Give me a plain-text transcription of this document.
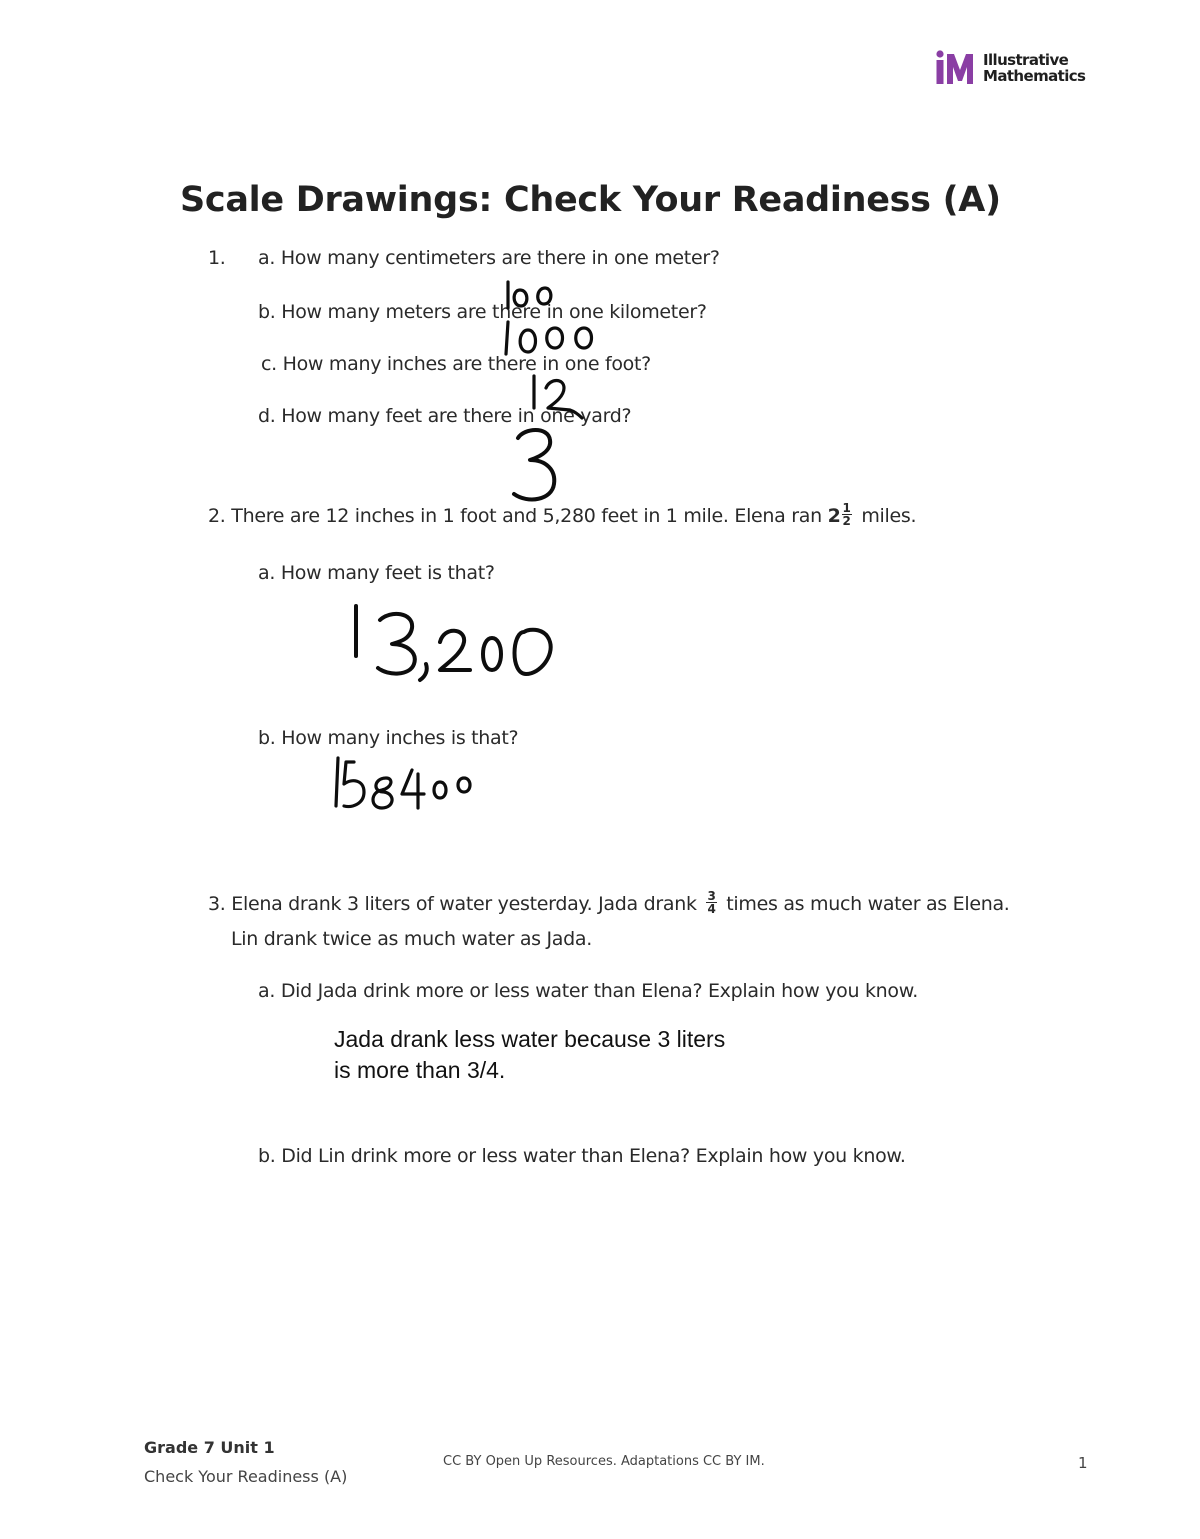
Illustrative
Mathematics
Scale Drawings: Check Your Readiness (A)
1. a. How many centimeters are there in one meter?
b. How many meters are there in one kilometer?
c. How many inches are there in one foot?
d. How many feet are there in one yard?
2. There are 12 inches in 1 foot and 5,280 feet in 1 mile. Elena ran $2 \frac{1}{2}$ miles.
a. How many feet is that?
b. How many inches is that?
3. Elena drank 3 liters of water yesterday. Jada drank $\frac{3}{4}$ times as much water as Elena.
Lin drank twice as much water as Jada.
a. Did Jada drink more or less water than Elena? Explain how you know.
Jada drank less water because 3 liters
is more than 3/4.
b. Did Lin drink more or less water than Elena? Explain how you know.
Grade 7 Unit 1
Check Your Readiness (A)
CC BY Open Up Resources. Adaptations CC BY IM.	1
